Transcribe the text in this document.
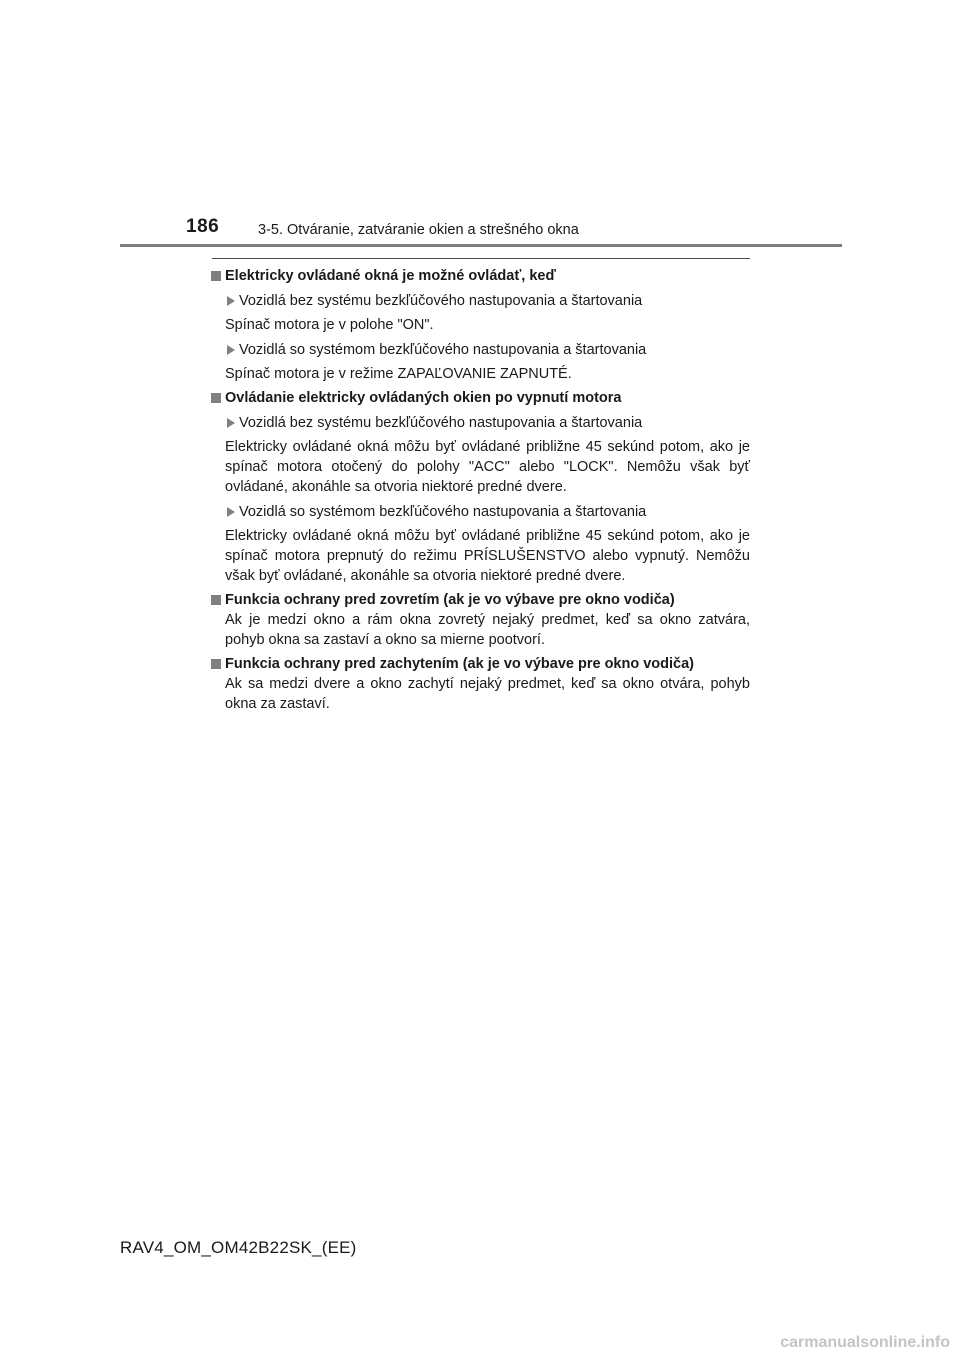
186	3-5. Otváranie, zatváranie okien a strešného okna
Elektricky ovládané okná je možné ovládať, keď
Vozidlá bez systému bezkľúčového nastupovania a štartovania
Spínač motora je v polohe "ON".
Vozidlá so systémom bezkľúčového nastupovania a štartovania
Spínač motora je v režime ZAPAĽOVANIE ZAPNUTÉ.
Ovládanie elektricky ovládaných okien po vypnutí motora
Vozidlá bez systému bezkľúčového nastupovania a štartovania
Elektricky ovládané okná môžu byť ovládané približne 45 sekúnd potom, ako je spínač motora otočený do polohy "ACC" alebo "LOCK". Nemôžu však byť ovládané, akonáhle sa otvoria niektoré predné dvere.
Vozidlá so systémom bezkľúčového nastupovania a štartovania
Elektricky ovládané okná môžu byť ovládané približne 45 sekúnd potom, ako je spínač motora prepnutý do režimu PRÍSLUŠENSTVO alebo vypnutý. Nemôžu však byť ovládané, akonáhle sa otvoria niektoré predné dvere.
Funkcia ochrany pred zovretím (ak je vo výbave pre okno vodiča)
Ak je medzi okno a rám okna zovretý nejaký predmet, keď sa okno zatvára, pohyb okna sa zastaví a okno sa mierne pootvorí.
Funkcia ochrany pred zachytením (ak je vo výbave pre okno vodiča)
Ak sa medzi dvere a okno zachytí nejaký predmet, keď sa okno otvára, pohyb okna za zastaví.
RAV4_OM_OM42B22SK_(EE)
carmanualsonline.info
